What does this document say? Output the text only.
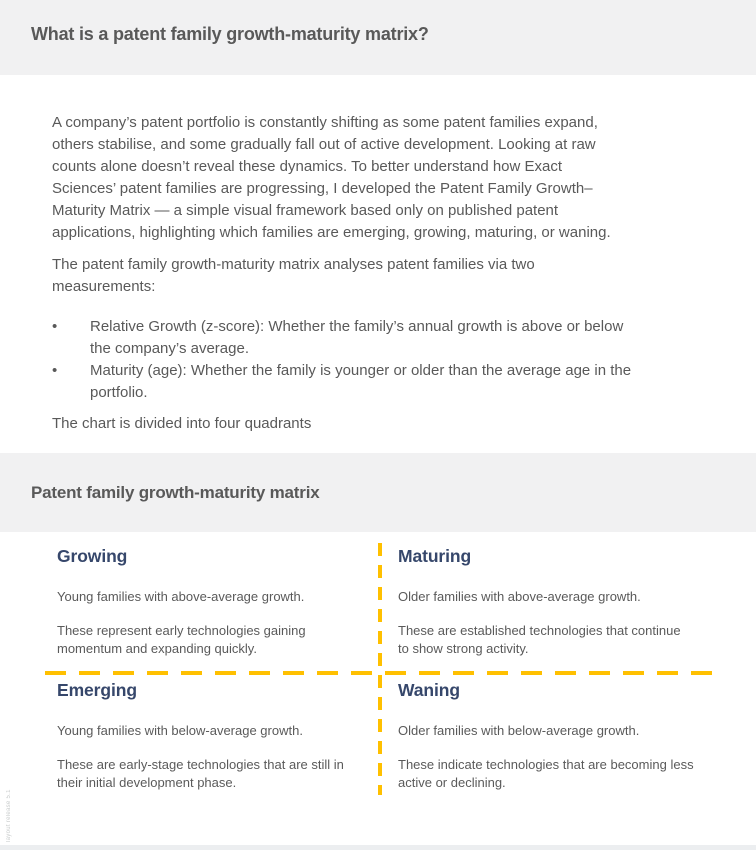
What is a patent family growth-maturity matrix?

A company’s patent portfolio is constantly shifting as some patent families expand,
others stabilise, and some gradually fall out of active development. Looking at raw
counts alone doesn’t reveal these dynamics. To better understand how Exact
Sciences’ patent families are progressing, I developed the Patent Family Growth–
Maturity Matrix — a simple visual framework based only on published patent
applications, highlighting which families are emerging, growing, maturing, or waning.

The patent family growth-maturity matrix analyses patent families via two
measurements:

•	Relative Growth (z-score): Whether the family’s annual growth is above or below
the company’s average.
•	Maturity (age): Whether the family is younger or older than the average age in the
portfolio.

The chart is divided into four quadrants

Patent family growth-maturity matrix
Growing

Young families with above-average growth.

These represent early technologies gaining
momentum and expanding quickly.

Maturing

Older families with above-average growth.

These are established technologies that continue
to show strong activity.

Emerging

Young families with below-average growth.

These are early-stage technologies that are still in
their initial development phase.

Waning

Older families with below-average growth.

These indicate technologies that are becoming less
active or declining.

layout release 5.1
